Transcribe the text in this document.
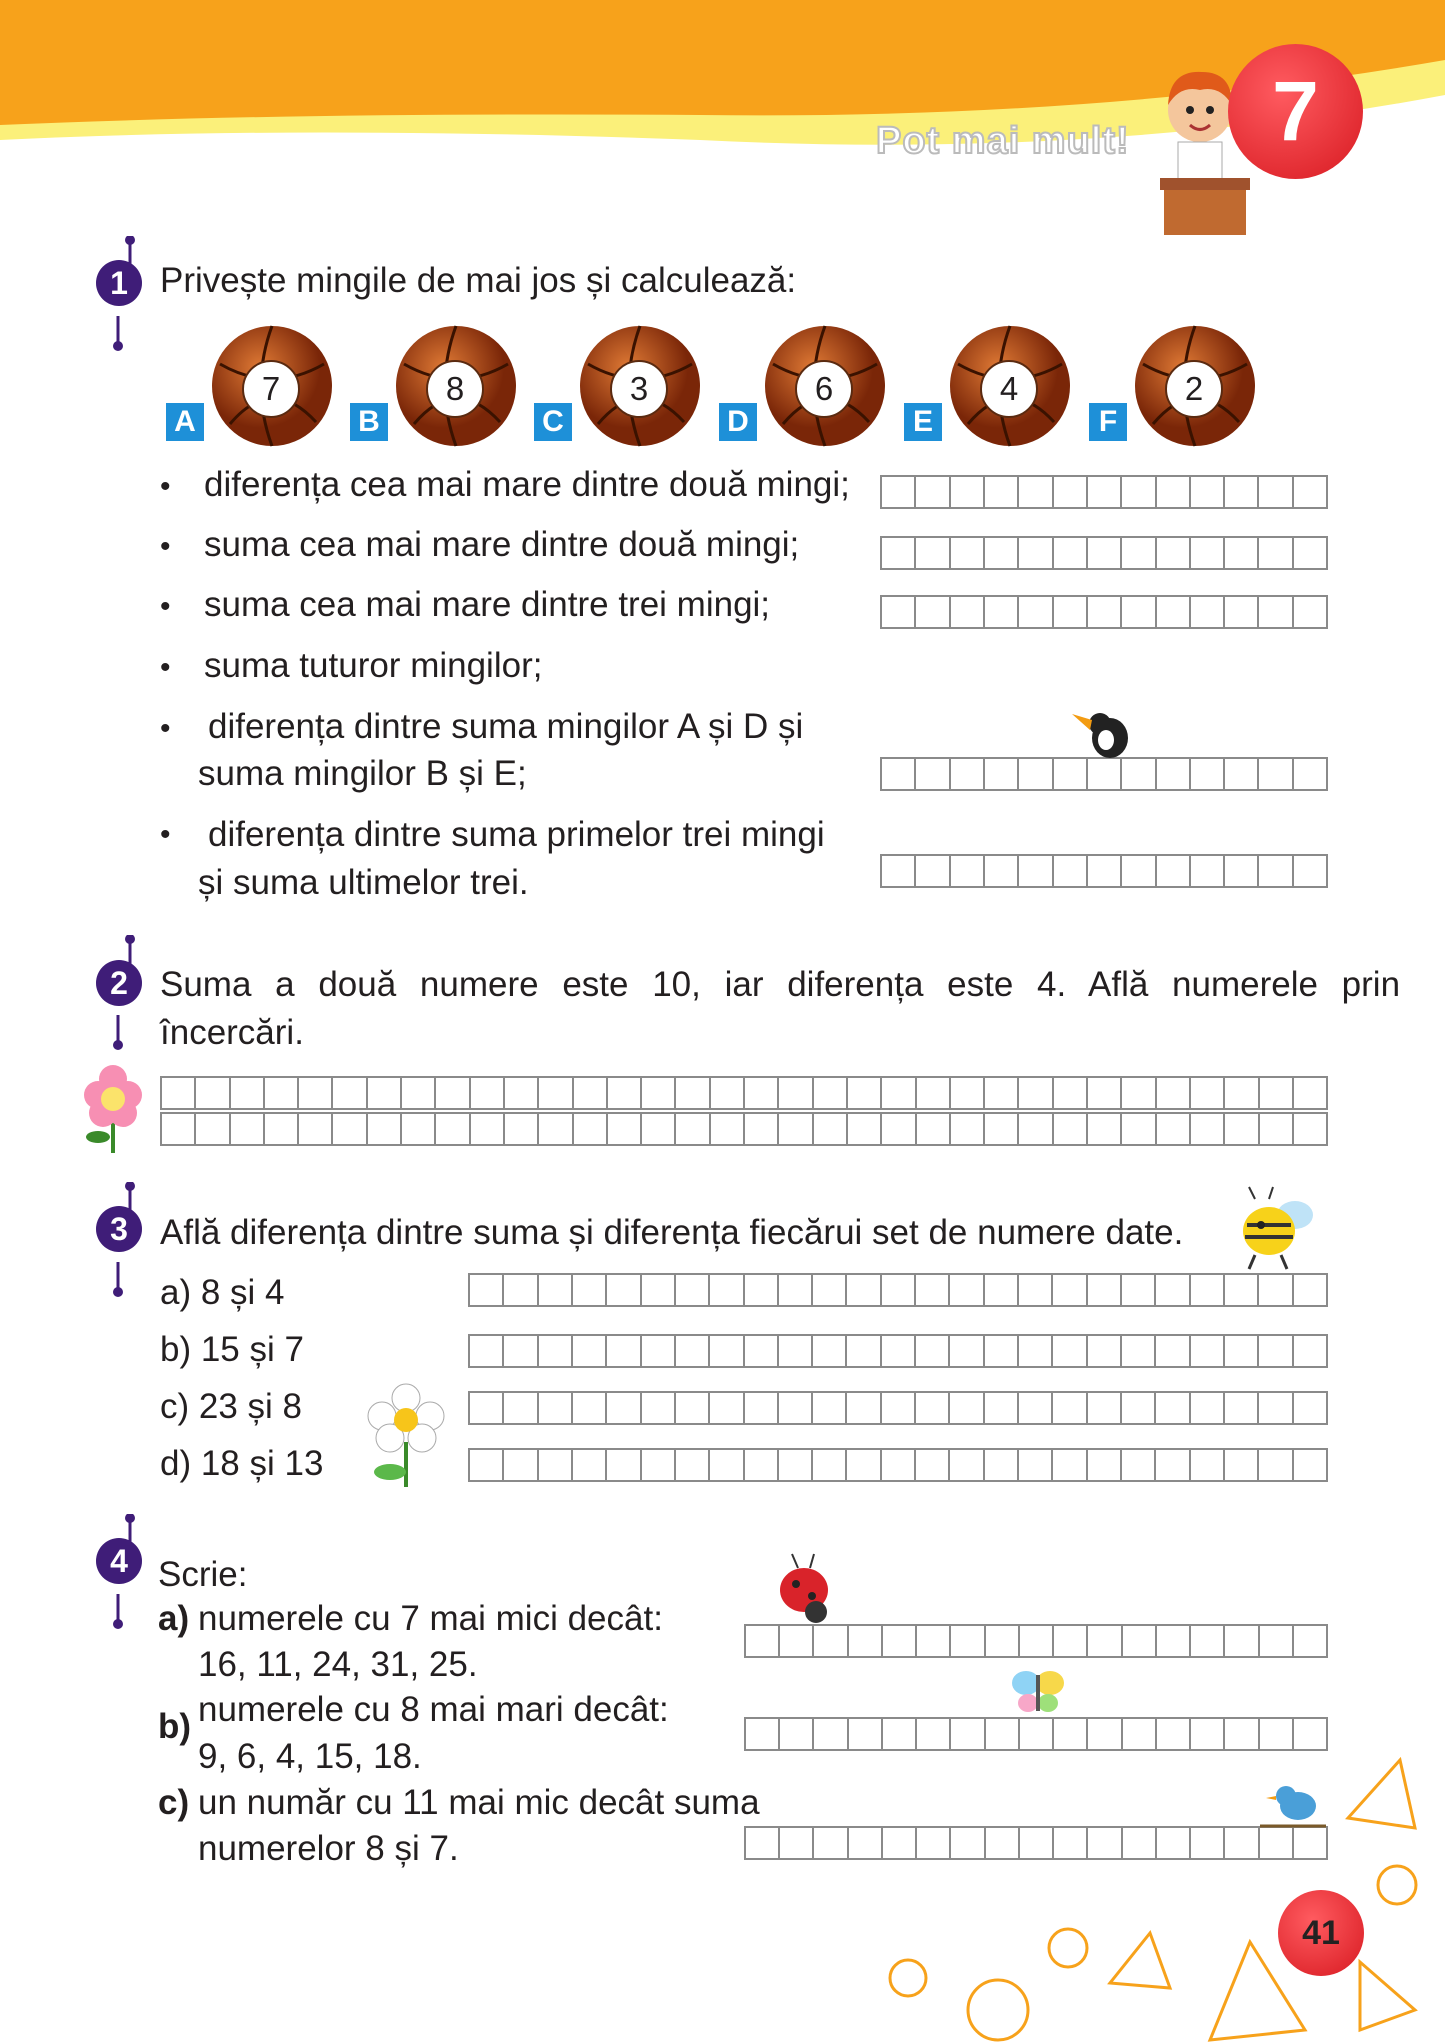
Pot mai mult! 7
1 Privește mingile de mai jos și calculează:
A
7
B
8
C
3
D
6
E
4
F
2
• diferența cea mai mare dintre două mingi;
• suma cea mai mare dintre două mingi;
• suma cea mai mare dintre trei mingi;
• suma tuturor mingilor;
• diferența dintre suma mingilor A și D și
suma mingilor B și E;
• diferența dintre suma primelor trei mingi
și suma ultimelor trei.
2 Suma a două numere este 10, iar diferența este 4. Află numerele prin
încercări.
3 Află diferența dintre suma și diferența fiecărui set de numere date.
a) 8 și 4
b) 15 și 7
c) 23 și 8
d) 18 și 13
4 Scrie:
a) numerele cu 7 mai mici decât:
16, 11, 24, 31, 25.
b) numerele cu 8 mai mari decât:
9, 6, 4, 15, 18.
c) un număr cu 11 mai mic decât suma
numerelor 8 și 7.
41
